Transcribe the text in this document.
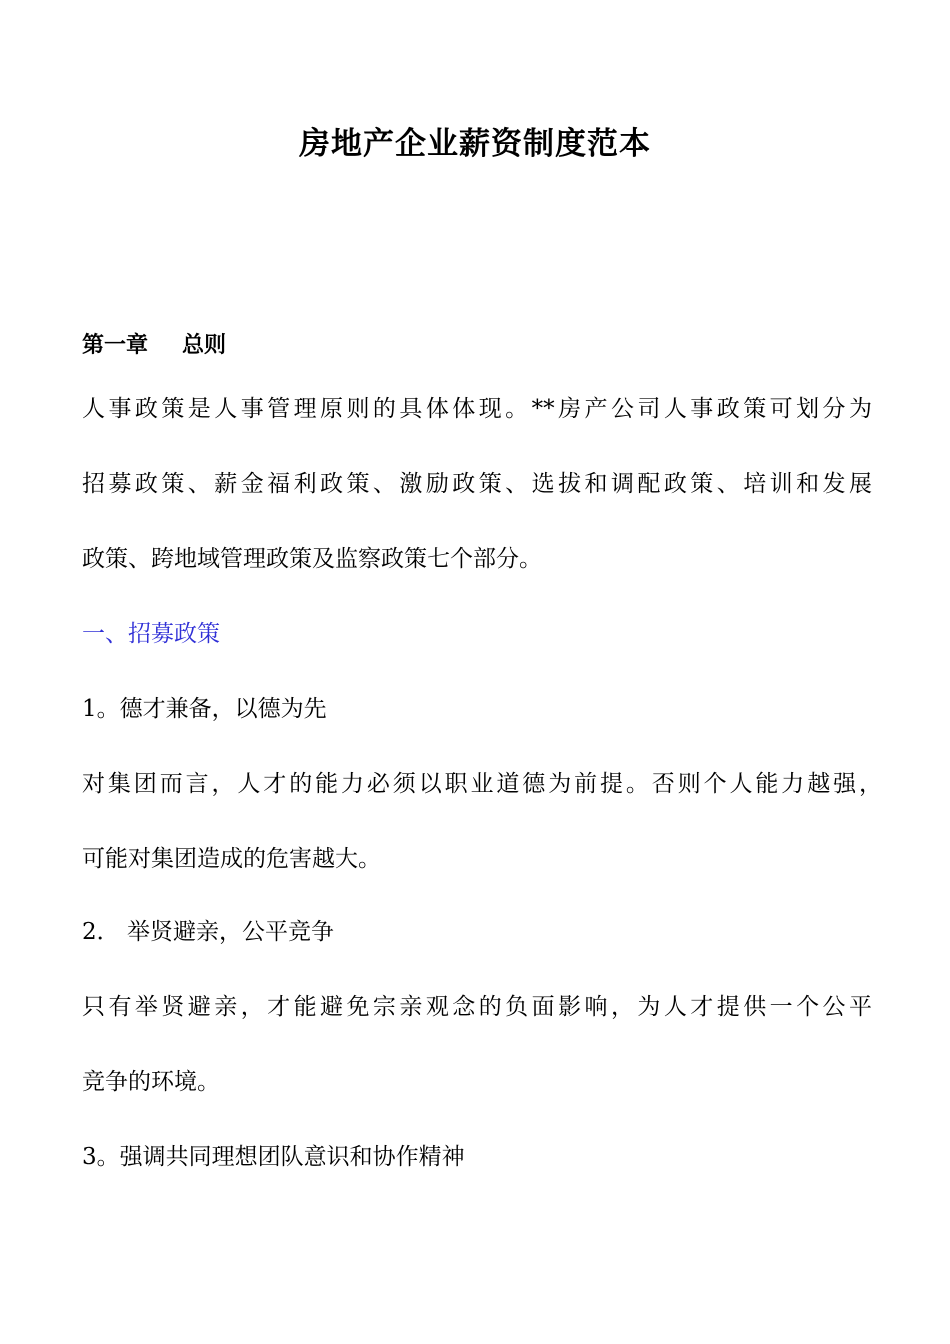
房地产企业薪资制度范本
第一章 总则
人事政策是人事管理原则的具体体现。**房产公司人事政策可划分为
招募政策、薪金福利政策、激励政策、选拔和调配政策、培训和发展
政策、跨地域管理政策及监察政策七个部分。
一、招募政策
1。德才兼备，以德为先
对集团而言，人才的能力必须以职业道德为前提。否则个人能力越强，
可能对集团造成的危害越大。
2． 举贤避亲，公平竞争
只有举贤避亲，才能避免宗亲观念的负面影响，为人才提供一个公平
竞争的环境。
3。强调共同理想团队意识和协作精神
